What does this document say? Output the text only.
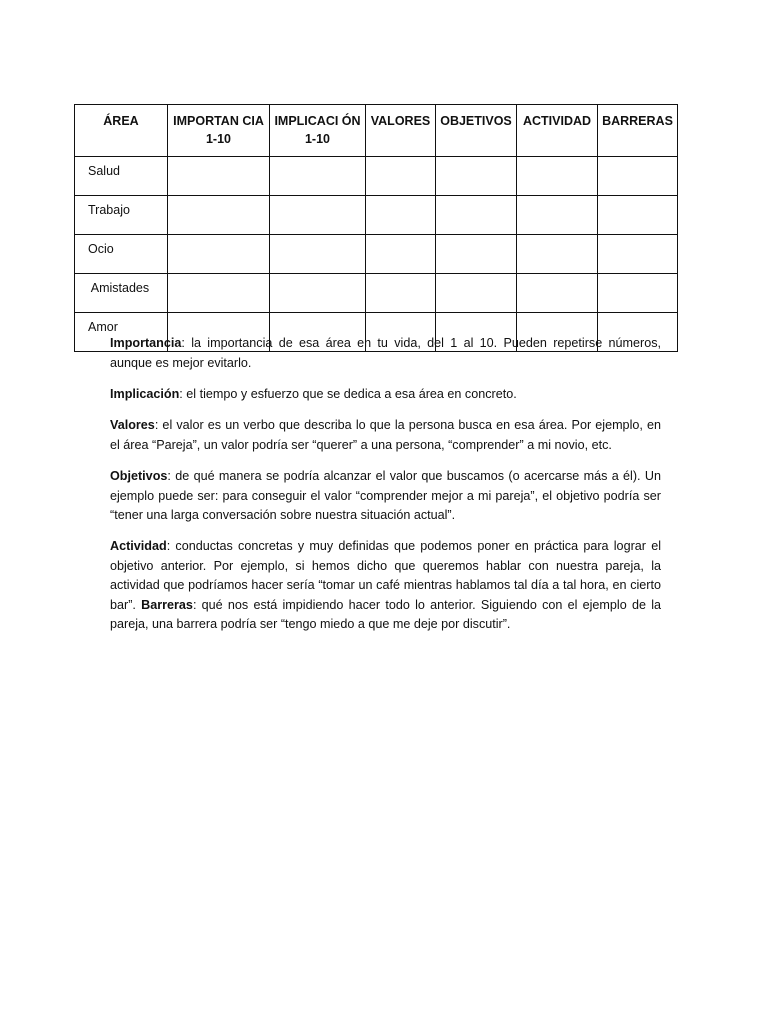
ÁREA	IMPORTAN CIA 1-10	IMPLICACI ÓN 1-10	VALORES	OBJETIVOS	ACTIVIDAD	BARRERAS
Salud						
Trabajo						
Ocio						
Amistades						
Amor						

Importancia: la importancia de esa área en tu vida, del 1 al 10. Pueden repetirse números, aunque es mejor evitarlo.

Implicación: el tiempo y esfuerzo que se dedica a esa área en concreto.

Valores: el valor es un verbo que describa lo que la persona busca en esa área. Por ejemplo, en el área “Pareja”, un valor podría ser “querer” a una persona, “comprender” a mi novio, etc.

Objetivos: de qué manera se podría alcanzar el valor que buscamos (o acercarse más a él). Un ejemplo puede ser: para conseguir el valor “comprender mejor a mi pareja”, el objetivo podría ser “tener una larga conversación sobre nuestra situación actual”.

Actividad: conductas concretas y muy definidas que podemos poner en práctica para lograr el objetivo anterior. Por ejemplo, si hemos dicho que queremos hablar con nuestra pareja, la actividad que podríamos hacer sería “tomar un café mientras hablamos tal día a tal hora, en cierto bar”. Barreras: qué nos está impidiendo hacer todo lo anterior. Siguiendo con el ejemplo de la pareja, una barrera podría ser “tengo miedo a que me deje por discutir”.
